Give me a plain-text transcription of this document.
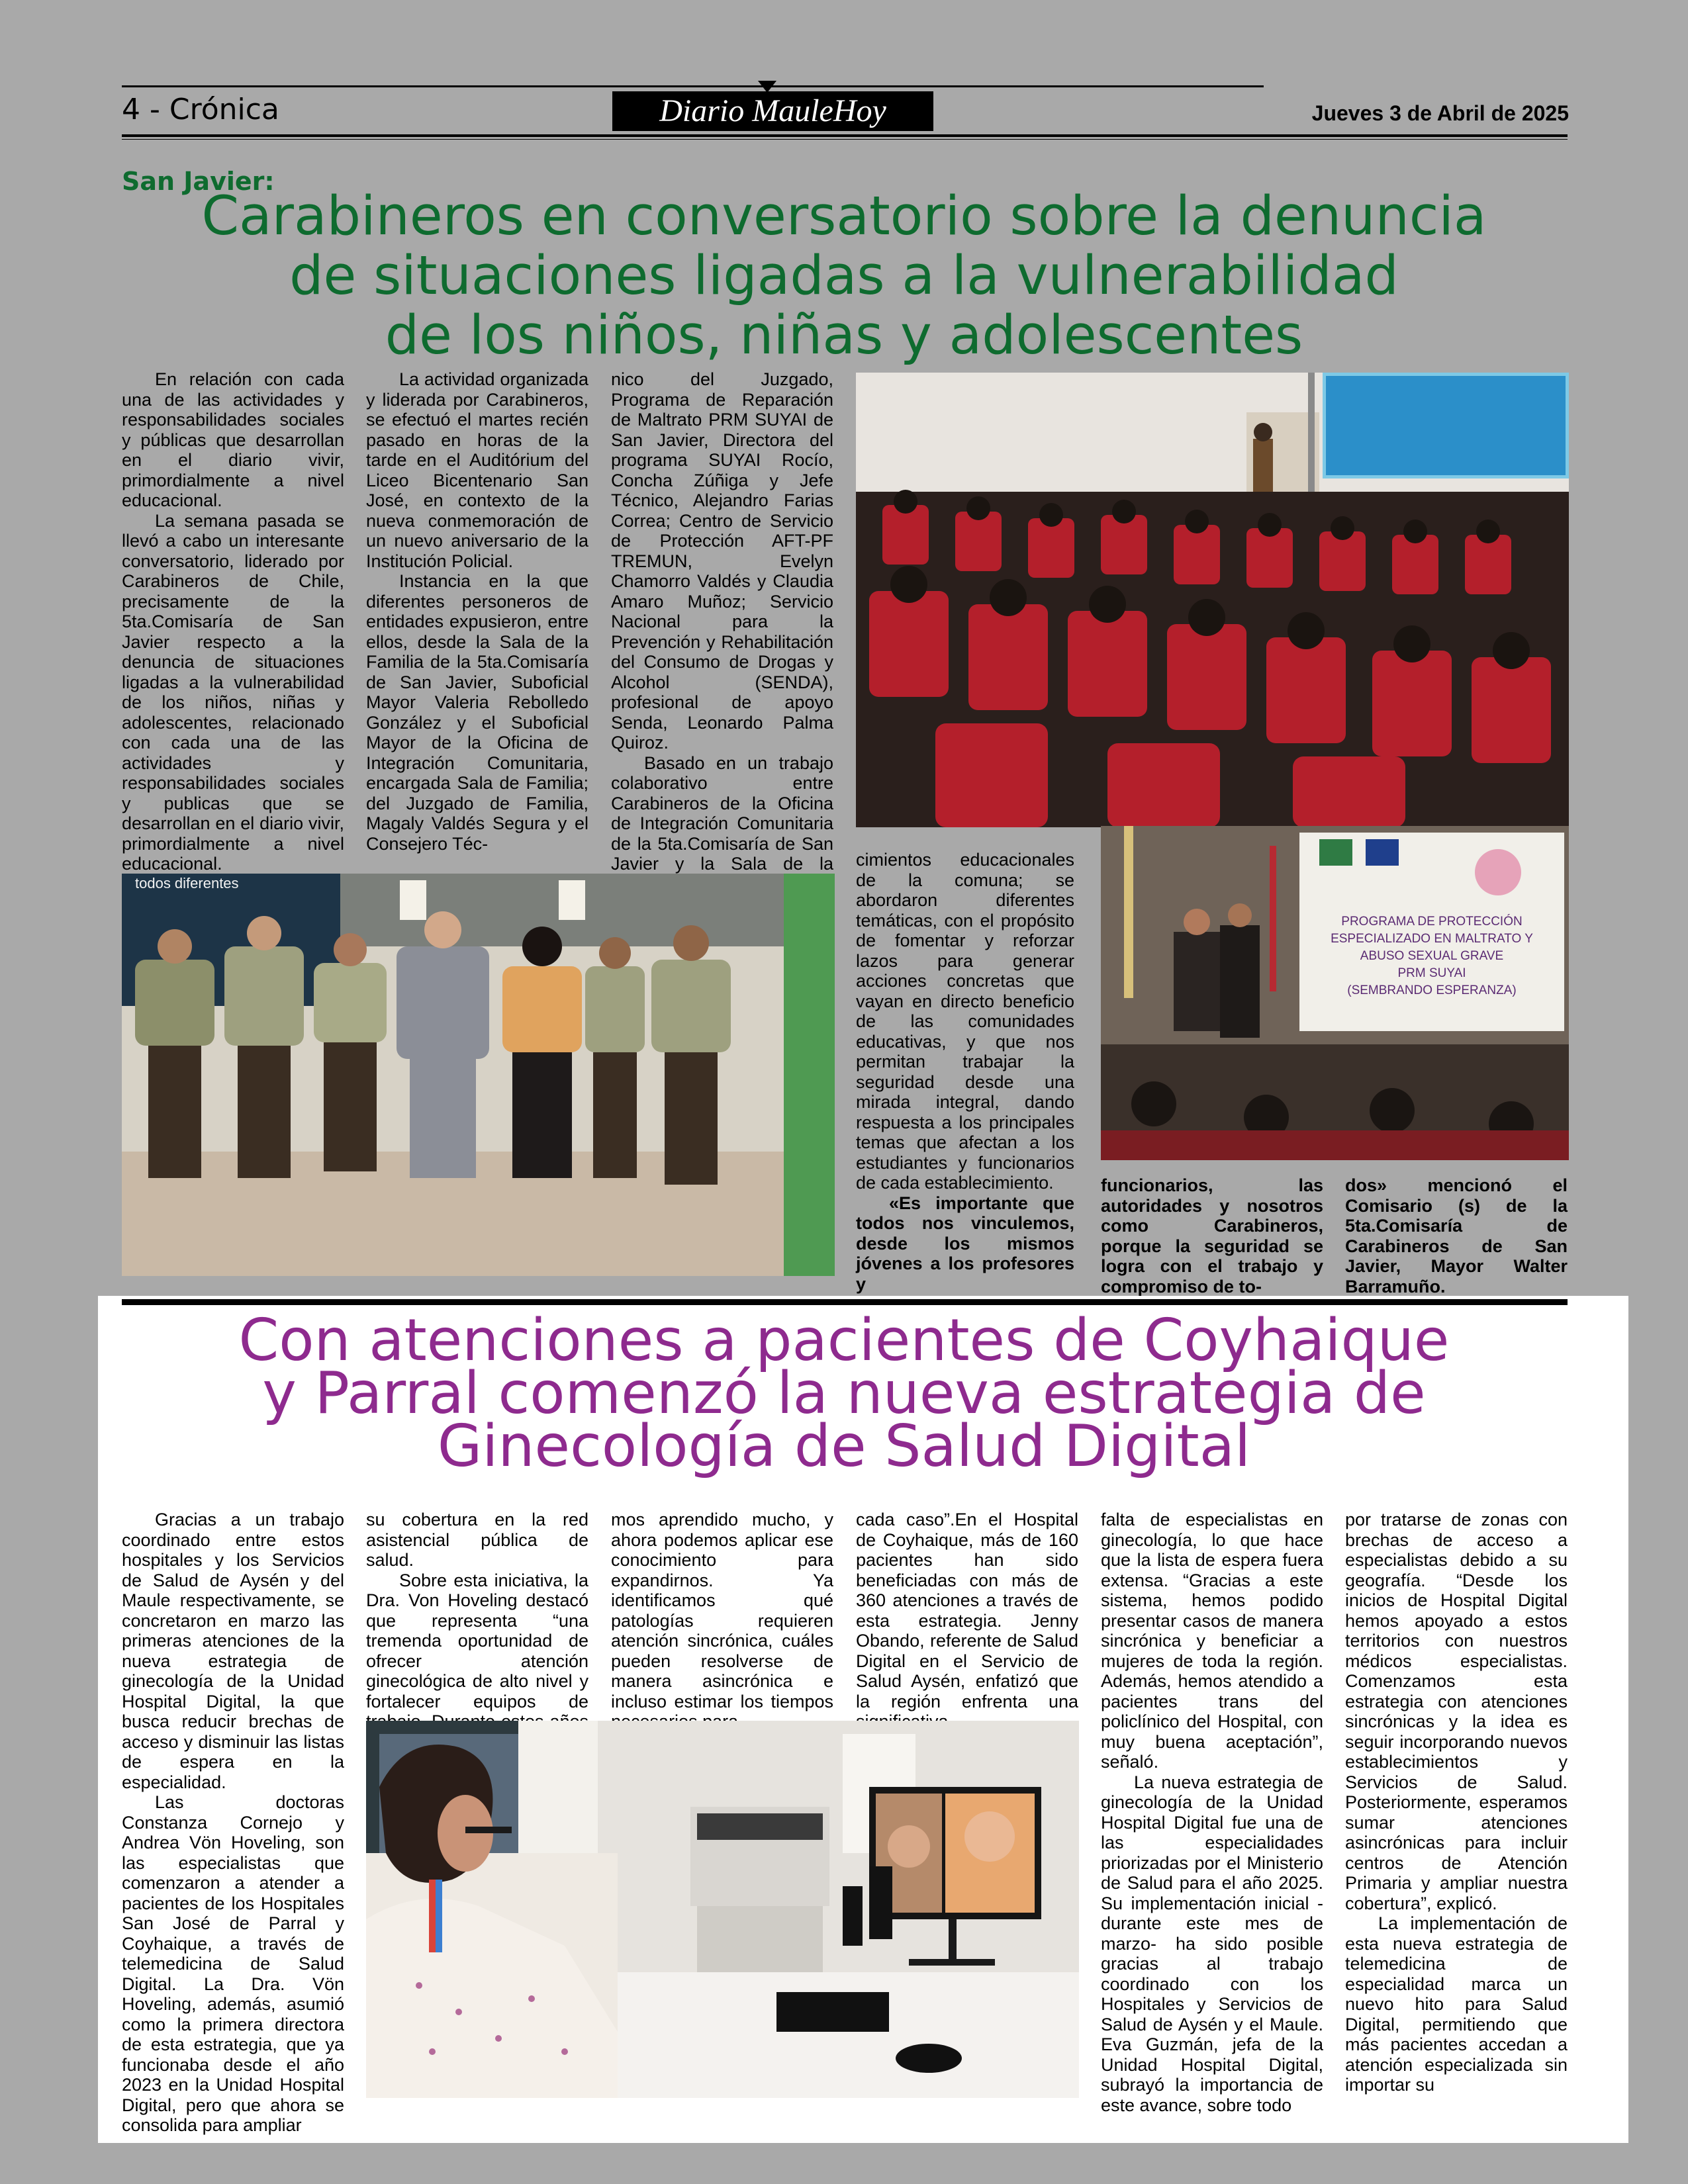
4 - Crónica	Diario MauleHoy	Jueves 3 de Abril de 2025
San Javier:
Carabineros en conversatorio sobre la denuncia
de situaciones ligadas a la vulnerabilidad
de los niños, niñas y adolescentes

En relación con cada una de las actividades y responsabilidades sociales y públicas que desarrollan en el diario vivir, primordialmente a nivel educacional.

La semana pasada se llevó a cabo un interesante conversatorio, liderado por Carabineros de Chile, precisamente de la 5ta.Comisaría de San Javier respecto a la denuncia de situaciones ligadas a la vulnerabilidad de los niños, niñas y adolescentes, relacionado con cada una de las actividades y responsabilidades sociales y publicas que se desarrollan en el diario vivir, primordialmente a nivel educacional.

La actividad organizada y liderada por Carabineros, se efectuó el martes recién pasado en horas de la tarde en el Auditórium del Liceo Bicentenario San José, en contexto de la nueva conmemoración de un nuevo aniversario de la Institución Policial.

Instancia en la que diferentes personeros de entidades expusieron, entre ellos, desde la Sala de la Familia de la 5ta.Comisaría de San Javier, Suboficial Mayor Valeria Rebolledo González y el Suboficial Mayor de la Oficina de Integración Comunitaria, encargada Sala de Familia; del Juzgado de Familia, Magaly Valdés Segura y el Consejero Téc-

nico del Juzgado, Programa de Reparación de Maltrato PRM SUYAI de San Javier, Directora del programa SUYAI Rocío, Concha Zúñiga y Jefe Técnico, Alejandro Farias Correa; Centro de Servicio de Protección AFT-PF TREMUN, Evelyn Chamorro Valdés y Claudia Amaro Muñoz; Servicio Nacional para la Prevención y Rehabilitación del Consumo de Drogas y Alcohol (SENDA), profesional de apoyo Senda, Leonardo Palma Quiroz.

Basado en un trabajo colaborativo entre Carabineros de la Oficina de Integración Comunitaria de la 5ta.Comisaría de San Javier y la Sala de la cimientos educacionales de la comuna; se abordaron diferentes temáticas, con el propósito de fomentar y reforzar lazos para generar acciones concretas que vayan en directo beneficio de las comunidades educativas, y que nos permitan trabajar la seguridad desde una mirada integral, dando respuesta a los principales temas que afectan a los estudiantes y funcionarios de cada establecimiento.

«Es importante que todos nos vinculemos, desde los mismos jóvenes a los profesores y

funcionarios, las autoridades y nosotros como Carabineros, porque la seguridad se logra con el trabajo y compromiso de to-

dos» mencionó el Comisario (s) de la 5ta.Comisaría de Carabineros de San Javier, Mayor Walter Barramuño.

todos diferentes
PROGRAMA DE PROTECCIÓN
ESPECIALIZADO EN MALTRATO Y
ABUSO SEXUAL GRAVE
PRM SUYAI
(SEMBRANDO ESPERANZA)
Con atenciones a pacientes de Coyhaique
y Parral comenzó la nueva estrategia de
Ginecología de Salud Digital

Gracias a un trabajo coordinado entre estos hospitales y los Servicios de Salud de Aysén y del Maule respectivamente, se concretaron en marzo las primeras atenciones de la nueva estrategia de ginecología de la Unidad Hospital Digital, la que busca reducir brechas de acceso y disminuir las listas de espera en la especialidad.

Las doctoras Constanza Cornejo y Andrea Vön Hoveling, son las especialistas que comenzaron a atender a pacientes de los Hospitales San José de Parral y Coyhaique, a través de telemedicina de Salud Digital. La Dra. Vön Hoveling, además, asumió como la primera directora de esta estrategia, que ya funcionaba desde el año 2023 en la Unidad Hospital Digital, pero que ahora se consolida para ampliar

su cobertura en la red asistencial pública de salud.

Sobre esta iniciativa, la Dra. Von Hoveling destacó que representa “una tremenda oportunidad de ofrecer atención ginecológica de alto nivel y fortalecer equipos de

mos aprendido mucho, y ahora podemos aplicar ese conocimiento para expandirnos. Ya identificamos qué patologías requieren atención sincrónica, cuáles pueden resolverse de manera asincrónica e incluso estimar los tiempos

cada caso”.En el Hospital de Coyhaique, más de 160 pacientes han sido beneficiadas con más de 360 atenciones a través de esta estrategia. Jenny Obando, referente de Salud Digital en el Servicio de Salud Aysén, enfatizó que la región enfrenta una

falta de especialistas en ginecología, lo que hace que la lista de espera fuera extensa. “Gracias a este sistema, hemos podido presentar casos de manera sincrónica y beneficiar a mujeres de toda la región. Además, hemos atendido a pacientes trans del policlínico del Hospital, con muy buena aceptación”, señaló.

La nueva estrategia de ginecología de la Unidad Hospital Digital fue una de las especialidades priorizadas por el Ministerio de Salud para el año 2025. Su implementación inicial - durante este mes de marzo- ha sido posible gracias al trabajo coordinado con los Hospitales y Servicios de Salud de Aysén y el Maule. Eva Guzmán, jefa de la Unidad Hospital Digital, subrayó la importancia de este avance, sobre todo

por tratarse de zonas con brechas de acceso a especialistas debido a su geografía. “Desde los inicios de Hospital Digital hemos apoyado a estos territorios con nuestros médicos especialistas. Comenzamos esta estrategia con atenciones sincrónicas y la idea es seguir incorporando nuevos establecimientos y Servicios de Salud. Posteriormente, esperamos sumar atenciones asincrónicas para incluir centros de Atención Primaria y ampliar nuestra cobertura”, explicó.

La implementación de esta nueva estrategia de telemedicina de especialidad marca un nuevo hito para Salud Digital, permitiendo que más pacientes accedan a atención especializada sin importar su
